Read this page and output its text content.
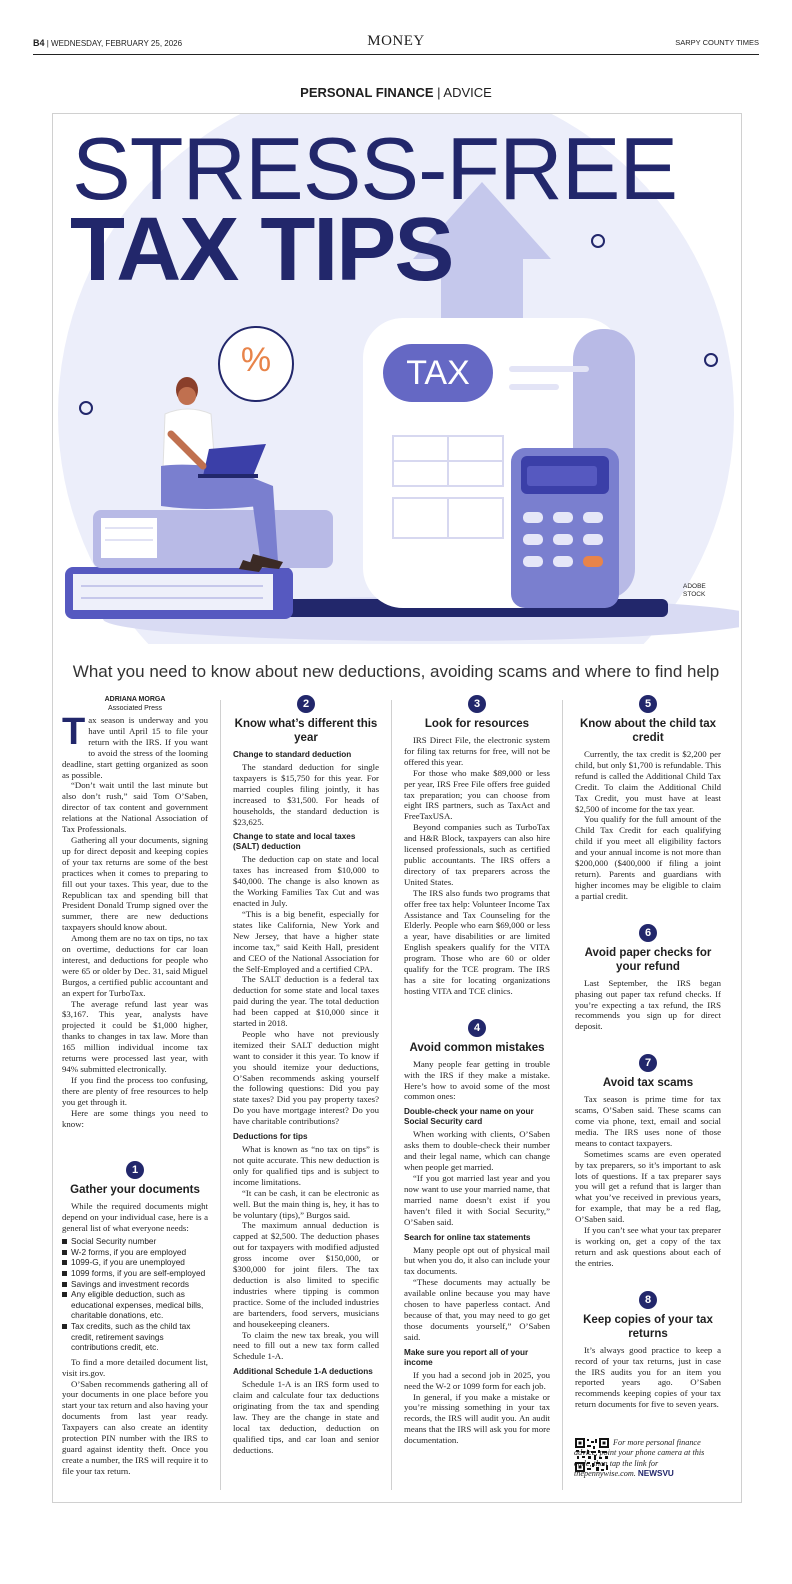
B4 | WEDNESDAY, FEBRUARY 25, 2026	MONEY	SARPY COUNTY TIMES
PERSONAL FINANCE | ADVICE
STRESS-FREE
TAX TIPS
TAX
%
ADOBE
STOCK
What you need to know about new deductions, avoiding scams and where to find help
ADRIANA MORGA
Associated Press

Tax season is underway and you have until April 15 to file your return with the IRS. If you want to avoid the stress of the looming deadline, start getting organized as soon as possible.

“Don’t wait until the last minute but also don’t rush,” said Tom O’Saben, director of tax content and government relations at the National Association of Tax Professionals.

Gathering all your documents, signing up for direct deposit and keeping copies of your tax returns are some of the best practices when it comes to preparing to fill out your taxes. This year, due to the Republican tax and spending bill that President Donald Trump signed over the summer, there are new deductions taxpayers should know about.

Among them are no tax on tips, no tax on overtime, deductions for car loan interest, and deductions for people who were 65 or older by Dec. 31, said Miguel Burgos, a certified public accountant and an expert for TurboTax.

The average refund last year was $3,167. This year, analysts have projected it could be $1,000 higher, thanks to changes in tax law. More than 165 million individual income tax returns were processed last year, with 94% submitted electronically.

If you find the process too confusing, there are plenty of free resources to help you get through it.

Here are some things you need to know:

1
Gather your documents

While the required documents might depend on your individual case, here is a general list of what everyone needs:

Social Security number
W-2 forms, if you are employed
1099-G, if you are unemployed
1099 forms, if you are self-employed
Savings and investment records
Any eligible deduction, such as educational expenses, medical bills, charitable donations, etc.
Tax credits, such as the child tax credit, retirement savings contributions credit, etc.

To find a more detailed document list, visit irs.gov.

O’Saben recommends gathering all of your documents in one place before you start your tax return and also having your documents from last year ready. Taxpayers can also create an identity protection PIN number with the IRS to guard against identity theft. Once you create a number, the IRS will require it to file your tax return.

2
Know what’s different this year
Change to standard deduction

The standard deduction for single taxpayers is $15,750 for this year. For married couples filing jointly, it has increased to $31,500. For heads of households, the standard deduction is $23,625.

Change to state and local taxes (SALT) deduction

The deduction cap on state and local taxes has increased from $10,000 to $40,000. The change is also known as the Working Families Tax Cut and was enacted in July.

“This is a big benefit, especially for states like California, New York and New Jersey, that have a higher state income tax,” said Keith Hall, president and CEO of the National Association for the Self-Employed and a certified CPA.

The SALT deduction is a federal tax deduction for some state and local taxes paid during the year. The total deduction had been capped at $10,000 since it started in 2018.

People who have not previously itemized their SALT deduction might want to consider it this year. To know if you should itemize your deductions, O’Saben recommends asking yourself the following questions: Did you pay state taxes? Did you pay property taxes? Do you have mortgage interest? Do you have charitable contributions?

Deductions for tips

What is known as “no tax on tips” is not quite accurate. This new deduction is only for qualified tips and is subject to income limitations.

“It can be cash, it can be electronic as well. But the main thing is, hey, it has to be voluntary (tips),” Burgos said.

The maximum annual deduction is capped at $2,500. The deduction phases out for taxpayers with modified adjusted gross income over $150,000, or $300,000 for joint filers. The tax deduction is also limited to specific industries where tipping is common practice. Some of the included industries are bartenders, food servers, musicians and housekeeping cleaners.

To claim the new tax break, you will need to fill out a new tax form called Schedule 1-A.

Additional Schedule 1-A deductions

Schedule 1-A is an IRS form used to claim and calculate four tax deductions originating from the tax and spending law. They are the change in state and local tax deduction, deduction on qualified tips, and car loan and senior deductions.

3
Look for resources

IRS Direct File, the electronic system for filing tax returns for free, will not be offered this year.

For those who make $89,000 or less per year, IRS Free File offers free guided tax preparation; you can choose from eight IRS partners, such as TaxAct and FreeTaxUSA.

Beyond companies such as TurboTax and H&R Block, taxpayers can also hire licensed professionals, such as certified public accountants. The IRS offers a directory of tax preparers across the United States.

The IRS also funds two programs that offer free tax help: Volunteer Income Tax Assistance and Tax Counseling for the Elderly. People who earn $69,000 or less a year, have disabilities or are limited English speakers qualify for the VITA program. Those who are 60 or older qualify for the TCE program. The IRS has a site for locating organizations hosting VITA and TCE clinics.

4
Avoid common mistakes

Many people fear getting in trouble with the IRS if they make a mistake. Here’s how to avoid some of the most common ones:

Double-check your name on your Social Security card

When working with clients, O’Saben asks them to double-check their number and their legal name, which can change when people get married.

“If you got married last year and you now want to use your married name, that married name doesn’t exist if you haven’t filed it with Social Security,” O’Saben said.

Search for online tax statements

Many people opt out of physical mail but when you do, it also can include your tax documents.

“These documents may actually be available online because you may have chosen to have paperless contact. And because of that, you may need to go get those documents yourself,” O’Saben said.

Make sure you report all of your income

If you had a second job in 2025, you need the W-2 or 1099 form for each job.

In general, if you make a mistake or you’re missing something in your tax records, the IRS will audit you. An audit means that the IRS will ask you for more documentation.

5
Know about the child tax credit

Currently, the tax credit is $2,200 per child, but only $1,700 is refundable. This refund is called the Additional Child Tax Credit. To claim the Additional Child Tax Credit, you must have at least $2,500 of income for the tax year.

You qualify for the full amount of the Child Tax Credit for each qualifying child if you meet all eligibility factors and your annual income is not more than $200,000 ($400,000 if filing a joint return). Parents and guardians with higher incomes may be eligible to claim a partial credit.

6
Avoid paper checks for your refund

Last September, the IRS began phasing out paper tax refund checks. If you’re expecting a tax refund, the IRS recommends you sign up for direct deposit.

7
Avoid tax scams

Tax season is prime time for tax scams, O’Saben said. These scams can come via phone, text, email and social media. The IRS uses none of those means to contact taxpayers.

Sometimes scams are even operated by tax preparers, so it’s important to ask lots of questions. If a tax preparer says you will get a refund that is larger than what you’ve received in previous years, for example, that may be a red flag, O’Saben said.

If you can’t see what your tax preparer is working on, get a copy of the tax return and ask questions about each of the entries.

8
Keep copies of your tax returns

It’s always good practice to keep a record of your tax returns, just in case the IRS audits you for an item you reported years ago. O’Saben recommends keeping copies of your tax return documents for five to seven years.

For more personal finance advice, point your phone camera at this code, then tap the link for thepennywise.com. NEWSVU
